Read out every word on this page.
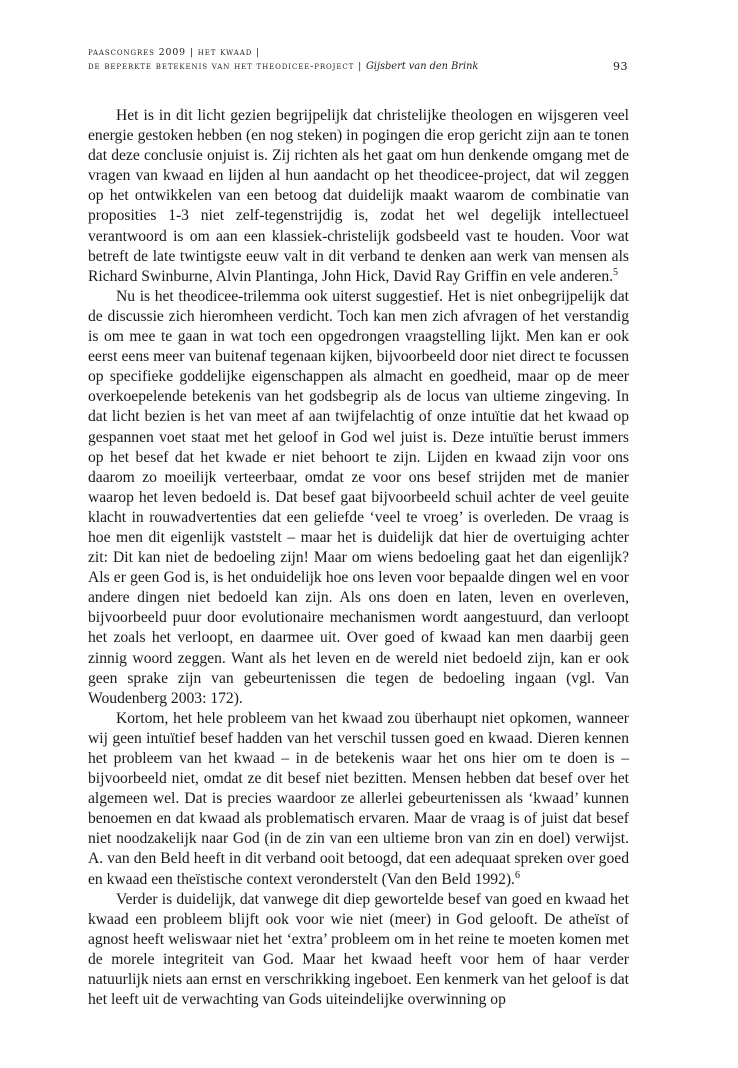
paascongres 2009 | het kwaad |
de beperkte betekenis van het theodicee-project | Gijsbert van den Brink	93

Het is in dit licht gezien begrijpelijk dat christelijke theologen en wijsgeren veel energie gestoken hebben (en nog steken) in pogingen die erop gericht zijn aan te tonen dat deze conclusie onjuist is. Zij richten als het gaat om hun denkende omgang met de vragen van kwaad en lijden al hun aandacht op het theodicee-project, dat wil zeggen op het ontwikkelen van een betoog dat duidelijk maakt waarom de combinatie van proposities 1-3 niet zelf-tegenstrijdig is, zodat het wel degelijk intellectueel verantwoord is om aan een klassiek-christelijk godsbeeld vast te houden. Voor wat betreft de late twintigste eeuw valt in dit verband te denken aan werk van mensen als Richard Swinburne, Alvin Plantinga, John Hick, David Ray Griffin en vele anderen.$^5$

Nu is het theodicee-trilemma ook uiterst suggestief. Het is niet onbegrijpelijk dat de discussie zich hieromheen verdicht. Toch kan men zich afvragen of het verstandig is om mee te gaan in wat toch een opgedrongen vraagstelling lijkt. Men kan er ook eerst eens meer van buitenaf tegenaan kijken, bijvoorbeeld door niet direct te focussen op specifieke goddelijke eigenschappen als almacht en goedheid, maar op de meer overkoepelende betekenis van het godsbegrip als de locus van ultieme zingeving. In dat licht bezien is het van meet af aan twijfelachtig of onze intuïtie dat het kwaad op gespannen voet staat met het geloof in God wel juist is. Deze intuïtie berust immers op het besef dat het kwade er niet behoort te zijn. Lijden en kwaad zijn voor ons daarom zo moeilijk verteerbaar, omdat ze voor ons besef strijden met de manier waarop het leven bedoeld is. Dat besef gaat bijvoorbeeld schuil achter de veel geuite klacht in rouwadvertenties dat een geliefde ‘veel te vroeg’ is overleden. De vraag is hoe men dit eigenlijk vaststelt – maar het is duidelijk dat hier de overtuiging achter zit: Dit kan niet de bedoeling zijn! Maar om wiens bedoeling gaat het dan eigenlijk? Als er geen God is, is het onduidelijk hoe ons leven voor bepaalde dingen wel en voor andere dingen niet bedoeld kan zijn. Als ons doen en laten, leven en overleven, bijvoorbeeld puur door evolutionaire mechanismen wordt aangestuurd, dan verloopt het zoals het verloopt, en daarmee uit. Over goed of kwaad kan men daarbij geen zinnig woord zeggen. Want als het leven en de wereld niet bedoeld zijn, kan er ook geen sprake zijn van gebeurtenissen die tegen de bedoeling ingaan (vgl. Van Woudenberg 2003: 172).

Kortom, het hele probleem van het kwaad zou überhaupt niet opkomen, wanneer wij geen intuïtief besef hadden van het verschil tussen goed en kwaad. Dieren kennen het probleem van het kwaad – in de betekenis waar het ons hier om te doen is – bijvoorbeeld niet, omdat ze dit besef niet bezitten. Mensen hebben dat besef over het algemeen wel. Dat is precies waardoor ze allerlei gebeurtenissen als ‘kwaad’ kunnen benoemen en dat kwaad als problematisch ervaren. Maar de vraag is of juist dat besef niet noodzakelijk naar God (in de zin van een ultieme bron van zin en doel) verwijst. A. van den Beld heeft in dit verband ooit betoogd, dat een adequaat spreken over goed en kwaad een theïstische context veronderstelt (Van den Beld 1992).$^6$

Verder is duidelijk, dat vanwege dit diep gewortelde besef van goed en kwaad het kwaad een probleem blijft ook voor wie niet (meer) in God gelooft. De atheïst of agnost heeft weliswaar niet het ‘extra’ probleem om in het reine te moeten komen met de morele integriteit van God. Maar het kwaad heeft voor hem of haar verder natuurlijk niets aan ernst en verschrikking ingeboet. Een kenmerk van het geloof is dat het leeft uit de verwachting van Gods uiteindelijke overwinning op
